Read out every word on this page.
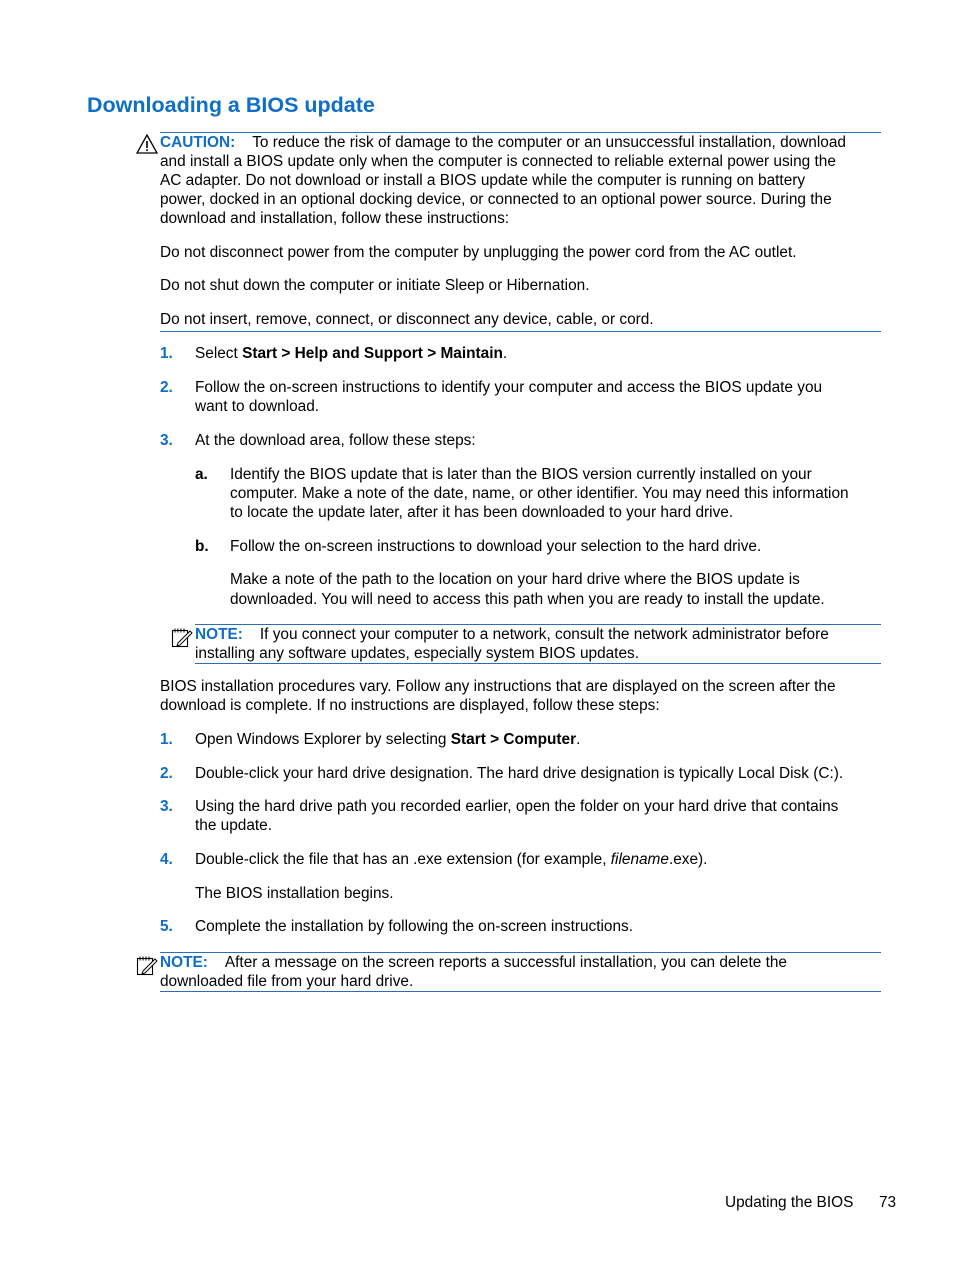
Downloading a BIOS update
CAUTION: To reduce the risk of damage to the computer or an unsuccessful installation, download
and install a BIOS update only when the computer is connected to reliable external power using the
AC adapter. Do not download or install a BIOS update while the computer is running on battery
power, docked in an optional docking device, or connected to an optional power source. During the
download and installation, follow these instructions:
Do not disconnect power from the computer by unplugging the power cord from the AC outlet.
Do not shut down the computer or initiate Sleep or Hibernation.
Do not insert, remove, connect, or disconnect any device, cable, or cord.
1. Select Start > Help and Support > Maintain.
2. Follow the on-screen instructions to identify your computer and access the BIOS update you
want to download.
3. At the download area, follow these steps:
a. Identify the BIOS update that is later than the BIOS version currently installed on your
computer. Make a note of the date, name, or other identifier. You may need this information
to locate the update later, after it has been downloaded to your hard drive.
b. Follow the on-screen instructions to download your selection to the hard drive.
Make a note of the path to the location on your hard drive where the BIOS update is
downloaded. You will need to access this path when you are ready to install the update.
NOTE: If you connect your computer to a network, consult the network administrator before
installing any software updates, especially system BIOS updates.
BIOS installation procedures vary. Follow any instructions that are displayed on the screen after the
download is complete. If no instructions are displayed, follow these steps:
1. Open Windows Explorer by selecting Start > Computer.
2. Double-click your hard drive designation. The hard drive designation is typically Local Disk (C:).
3. Using the hard drive path you recorded earlier, open the folder on your hard drive that contains
the update.
4. Double-click the file that has an .exe extension (for example, filename.exe).
The BIOS installation begins.
5. Complete the installation by following the on-screen instructions.
NOTE: After a message on the screen reports a successful installation, you can delete the
downloaded file from your hard drive.
Updating the BIOS 73
